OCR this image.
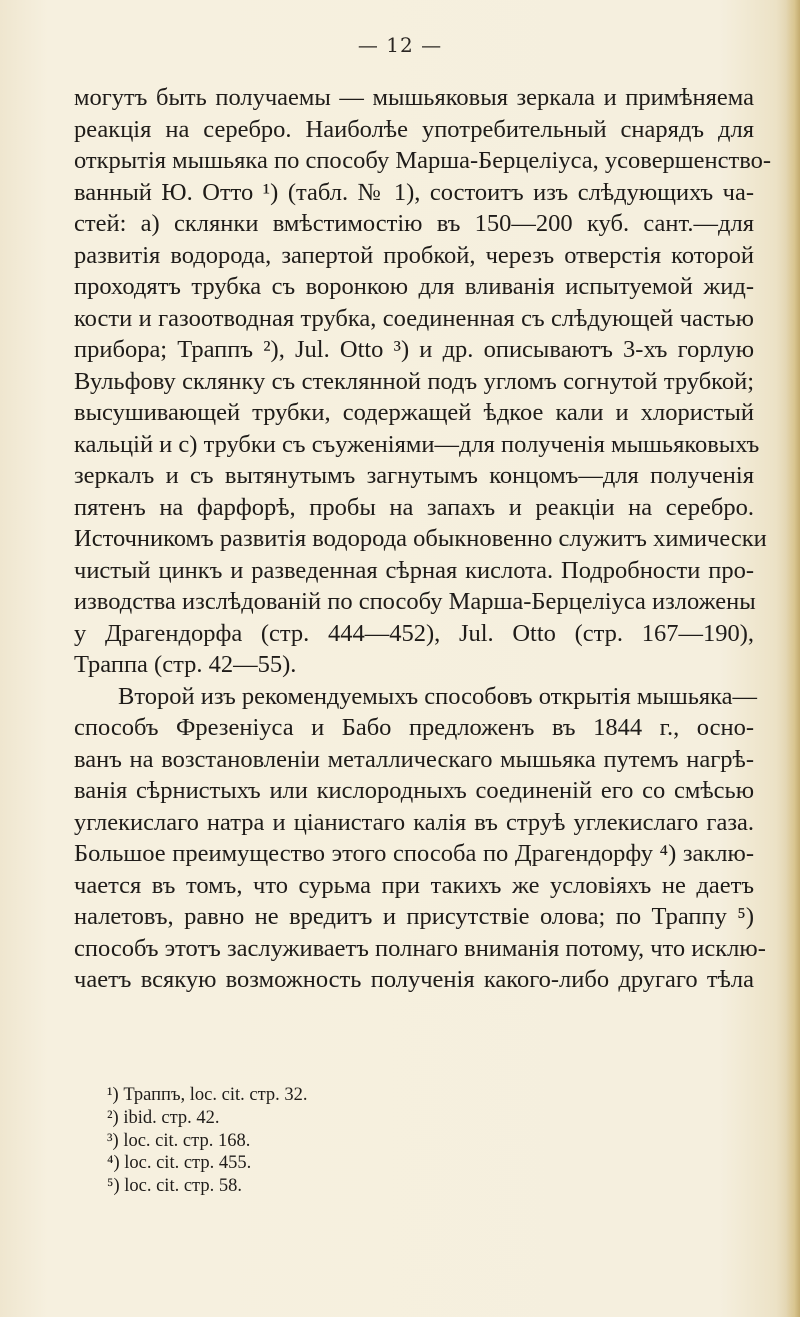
— 12 —
могутъ быть получаемы — мышьяковыя зеркала и примѣняема
реакція на серебро. Наиболѣе употребительный снарядъ для
открытія мышьяка по способу Марша-Берцеліуса, усовершенство-
ванный Ю. Отто ¹) (табл. № 1), состоитъ изъ слѣдующихъ ча-
стей: a) склянки вмѣстимостію въ 150—200 куб. сант.—для
развитія водорода, запертой пробкой, черезъ отверстія которой
проходятъ трубка съ воронкою для вливанія испытуемой жид-
кости и газоотводная трубка, соединенная съ слѣдующей частью
прибора; Траппъ ²), Jul. Otto ³) и др. описываютъ 3-хъ горлую
Вульфову склянку съ стеклянной подъ угломъ согнутой трубкой;
высушивающей трубки, содержащей ѣдкое кали и хлористый
кальцій и c) трубки съ съуженіями—для полученія мышьяковыхъ
зеркалъ и съ вытянутымъ загнутымъ концомъ—для полученія
пятенъ на фарфорѣ, пробы на запахъ и реакціи на серебро.
Источникомъ развитія водорода обыкновенно служитъ химически
чистый цинкъ и разведенная сѣрная кислота. Подробности про-
изводства изслѣдованій по способу Марша-Берцеліуса изложены
у Драгендорфа (стр. 444—452), Jul. Otto (стр. 167—190),
Траппа (стр. 42—55).
Второй изъ рекомендуемыхъ способовъ открытія мышьяка—
способъ Фрезеніуса и Бабо предложенъ въ 1844 г., осно-
ванъ на возстановленіи металлическаго мышьяка путемъ нагрѣ-
ванія сѣрнистыхъ или кислородныхъ соединеній его со смѣсью
углекислаго натра и ціанистаго калія въ струѣ углекислаго газа.
Большое преимущество этого способа по Драгендорфу ⁴) заклю-
чается въ томъ, что сурьма при такихъ же условіяхъ не даетъ
налетовъ, равно не вредитъ и присутствіе олова; по Траппу ⁵)
способъ этотъ заслуживаетъ полнаго вниманія потому, что исклю-
чаетъ всякую возможность полученія какого-либо другаго тѣла
¹) Траппъ, loc. cit. стр. 32.
²) ibid. стр. 42.
³) loc. cit. стр. 168.
⁴) loc. cit. стр. 455.
⁵) loc. cit. стр. 58.
